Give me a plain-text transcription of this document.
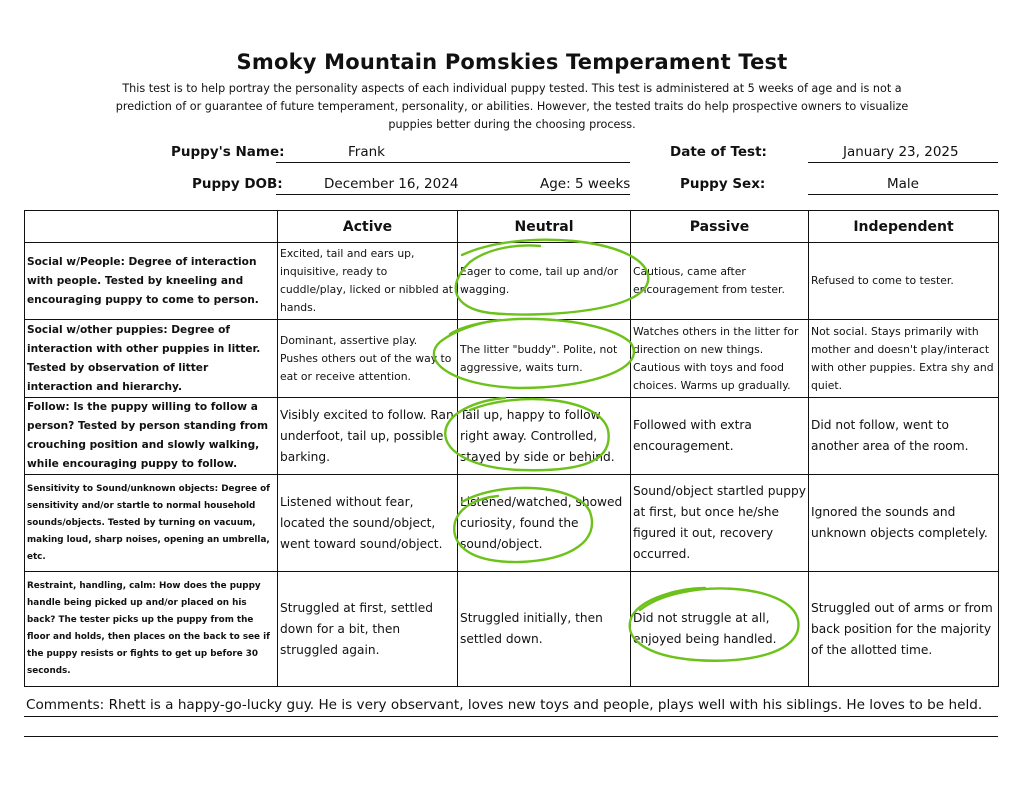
Smoky Mountain Pomskies Temperament Test
This test is to help portray the personality aspects of each individual puppy tested. This test is administered at 5 weeks of age and is not a prediction of or guarantee of future temperament, personality, or abilities. However, the tested traits do help prospective owners to visualize puppies better during the choosing process.
Puppy's Name:	Frank	Date of Test:	January 23, 2025
Puppy DOB:	December 16, 2024	Age: 5 weeks	Puppy Sex:	Male
	Active	Neutral	Passive	Independent
Social w/People: Degree of interaction with people. Tested by kneeling and encouraging puppy to come to person.	Excited, tail and ears up, inquisitive, ready to cuddle/play, licked or nibbled at hands.	Eager to come, tail up and/or wagging.	Cautious, came after encouragement from tester.	Refused to come to tester.
Social w/other puppies: Degree of interaction with other puppies in litter. Tested by observation of litter interaction and hierarchy.	Dominant, assertive play. Pushes others out of the way to eat or receive attention.	The litter "buddy". Polite, not aggressive, waits turn.	Watches others in the litter for direction on new things. Cautious with toys and food choices. Warms up gradually.	Not social. Stays primarily with mother and doesn't play/interact with other puppies. Extra shy and quiet.
Follow: Is the puppy willing to follow a person? Tested by person standing from crouching position and slowly walking, while encouraging puppy to follow.	Visibly excited to follow. Ran underfoot, tail up, possible barking.	Tail up, happy to follow right away. Controlled, stayed by side or behind.	Followed with extra encouragement.	Did not follow, went to another area of the room.
Sensitivity to Sound/unknown objects: Degree of sensitivity and/or startle to normal household sounds/objects. Tested by turning on vacuum, making loud, sharp noises, opening an umbrella, etc.	Listened without fear, located the sound/object, went toward sound/object.	Listened/watched, showed curiosity, found the sound/object.	Sound/object startled puppy at first, but once he/she figured it out, recovery occurred.	Ignored the sounds and unknown objects completely.
Restraint, handling, calm: How does the puppy handle being picked up and/or placed on his back? The tester picks up the puppy from the floor and holds, then places on the back to see if the puppy resists or fights to get up before 30 seconds.	Struggled at first, settled down for a bit, then struggled again.	Struggled initially, then settled down.	Did not struggle at all, enjoyed being handled.	Struggled out of arms or from back position for the majority of the allotted time.
Comments: Rhett is a happy-go-lucky guy. He is very observant, loves new toys and people, plays well with his siblings. He loves to be held.
